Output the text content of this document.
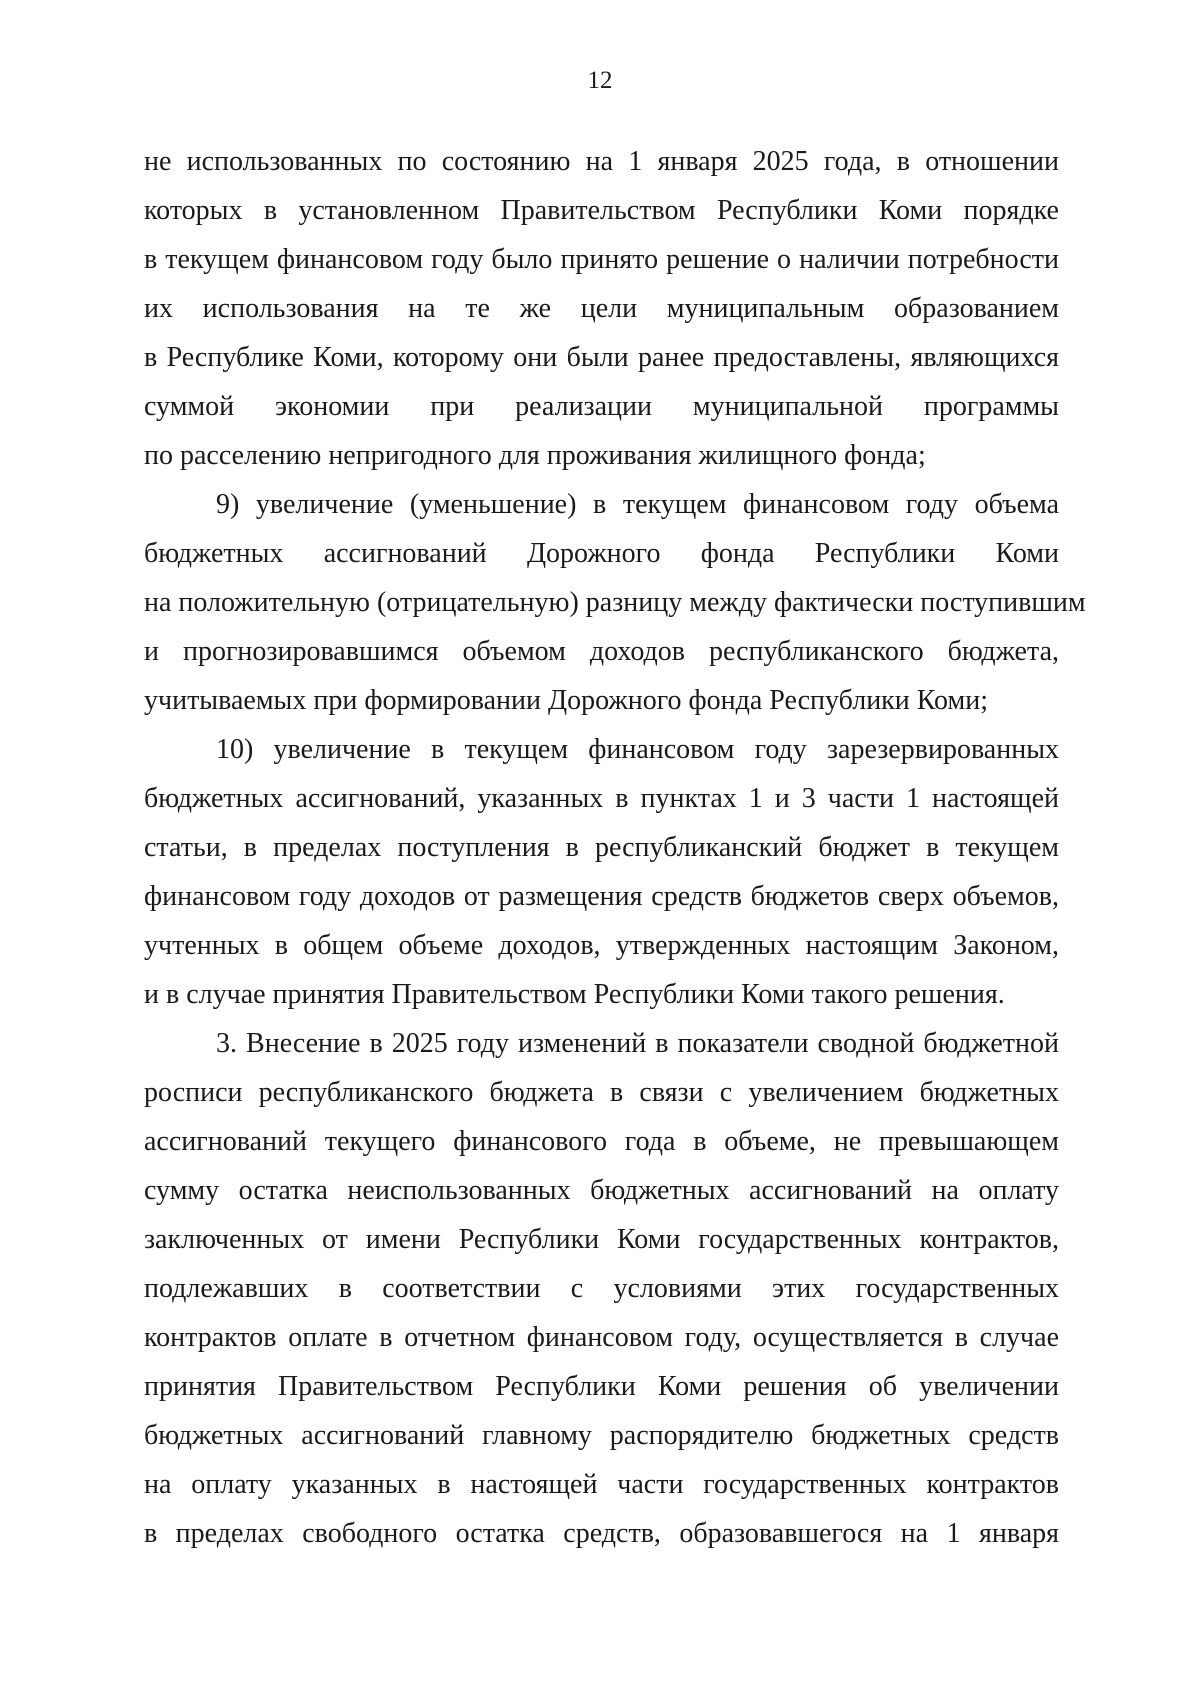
12
не использованных по состоянию на 1 января 2025 года, в отношении
которых в установленном Правительством Республики Коми порядке
в текущем финансовом году было принято решение о наличии потребности
их использования на те же цели муниципальным образованием
в Республике Коми, которому они были ранее предоставлены, являющихся
суммой экономии при реализации муниципальной программы
по расселению непригодного для проживания жилищного фонда;
9) увеличение (уменьшение) в текущем финансовом году объема
бюджетных ассигнований Дорожного фонда Республики Коми
на положительную (отрицательную) разницу между фактически поступившим
и прогнозировавшимся объемом доходов республиканского бюджета,
учитываемых при формировании Дорожного фонда Республики Коми;
10) увеличение в текущем финансовом году зарезервированных
бюджетных ассигнований, указанных в пунктах 1 и 3 части 1 настоящей
статьи, в пределах поступления в республиканский бюджет в текущем
финансовом году доходов от размещения средств бюджетов сверх объемов,
учтенных в общем объеме доходов, утвержденных настоящим Законом,
и в случае принятия Правительством Республики Коми такого решения.
3. Внесение в 2025 году изменений в показатели сводной бюджетной
росписи республиканского бюджета в связи с увеличением бюджетных
ассигнований текущего финансового года в объеме, не превышающем
сумму остатка неиспользованных бюджетных ассигнований на оплату
заключенных от имени Республики Коми государственных контрактов,
подлежавших в соответствии с условиями этих государственных
контрактов оплате в отчетном финансовом году, осуществляется в случае
принятия Правительством Республики Коми решения об увеличении
бюджетных ассигнований главному распорядителю бюджетных средств
на оплату указанных в настоящей части государственных контрактов
в пределах свободного остатка средств, образовавшегося на 1 января
